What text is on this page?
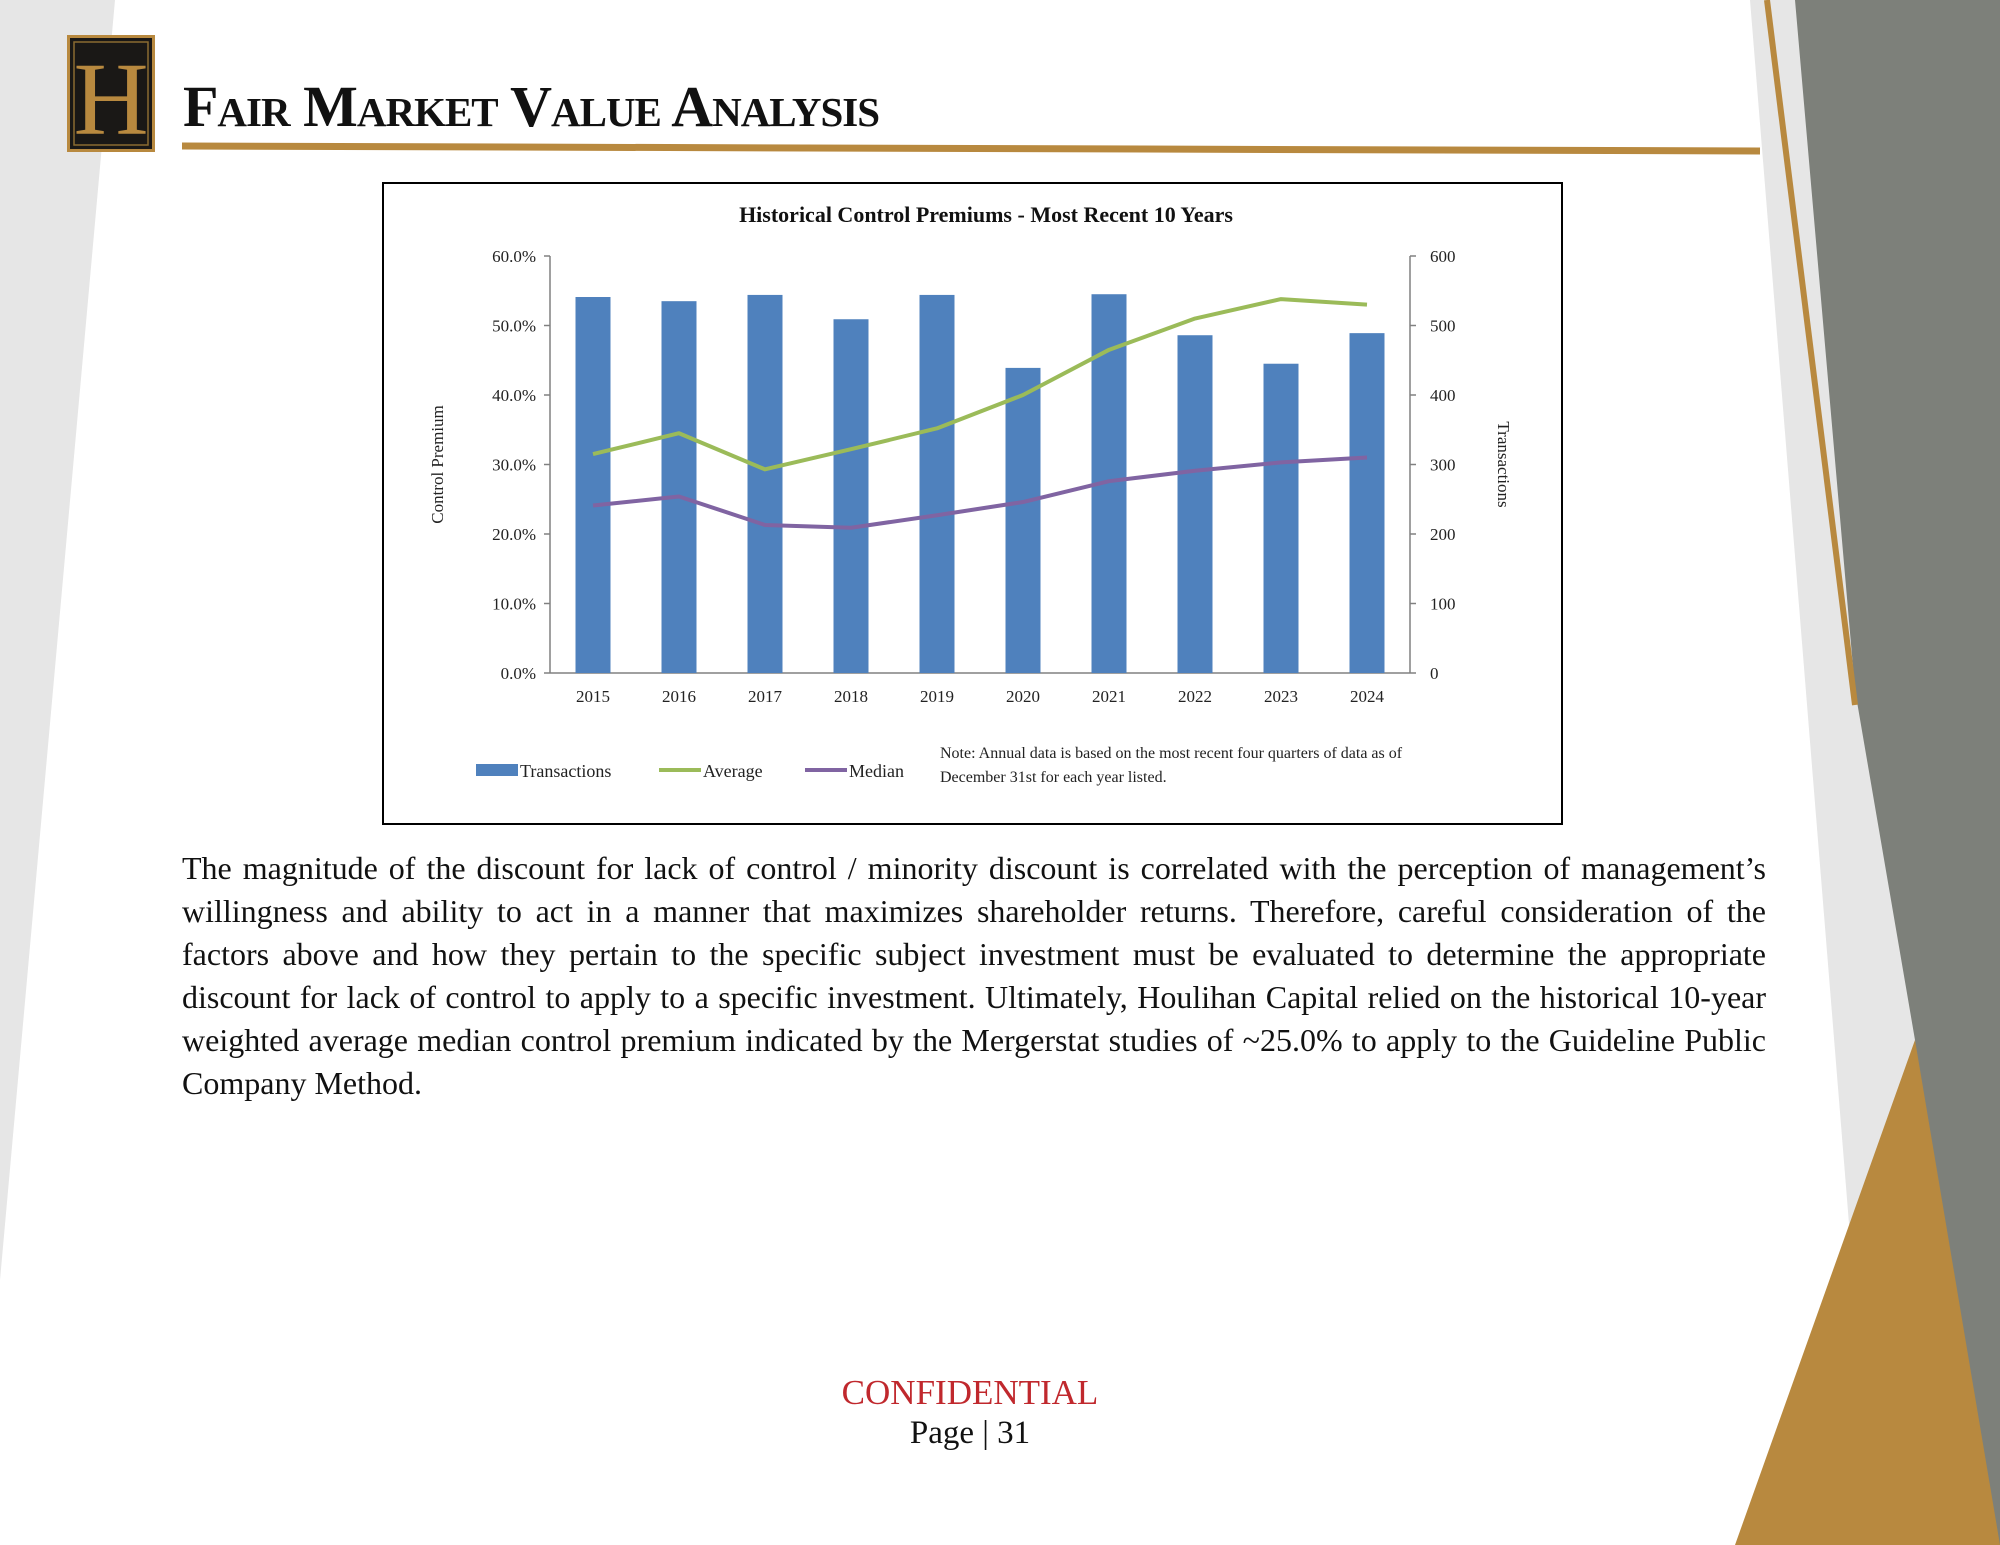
H Fair Market Value Analysis
Historical Control Premiums - Most Recent 10 Years
0.0%
10.0%
20.0%
30.0%
40.0%
50.0%
60.0%
0
100
200
300
400
500
600
Control Premium	Transactions
2015	2016	2017	2018	2019	2020	2021	2022	2023	2024
Transactions	Average	Median
Note: Annual data is based on the most recent four quarters of data as of
December 31st for each year listed.

The magnitude of the discount for lack of control / minority discount is correlated with the perception of management’s willingness and ability to act in a manner that maximizes shareholder returns. Therefore, careful consideration of the factors above and how they pertain to the specific subject investment must be evaluated to determine the appropriate discount for lack of control to apply to a specific investment. Ultimately, Houlihan Capital relied on the historical 10-year weighted average median control premium indicated by the Mergerstat studies of ~25.0% to apply to the Guideline Public Company Method.

CONFIDENTIAL
Page | 31
